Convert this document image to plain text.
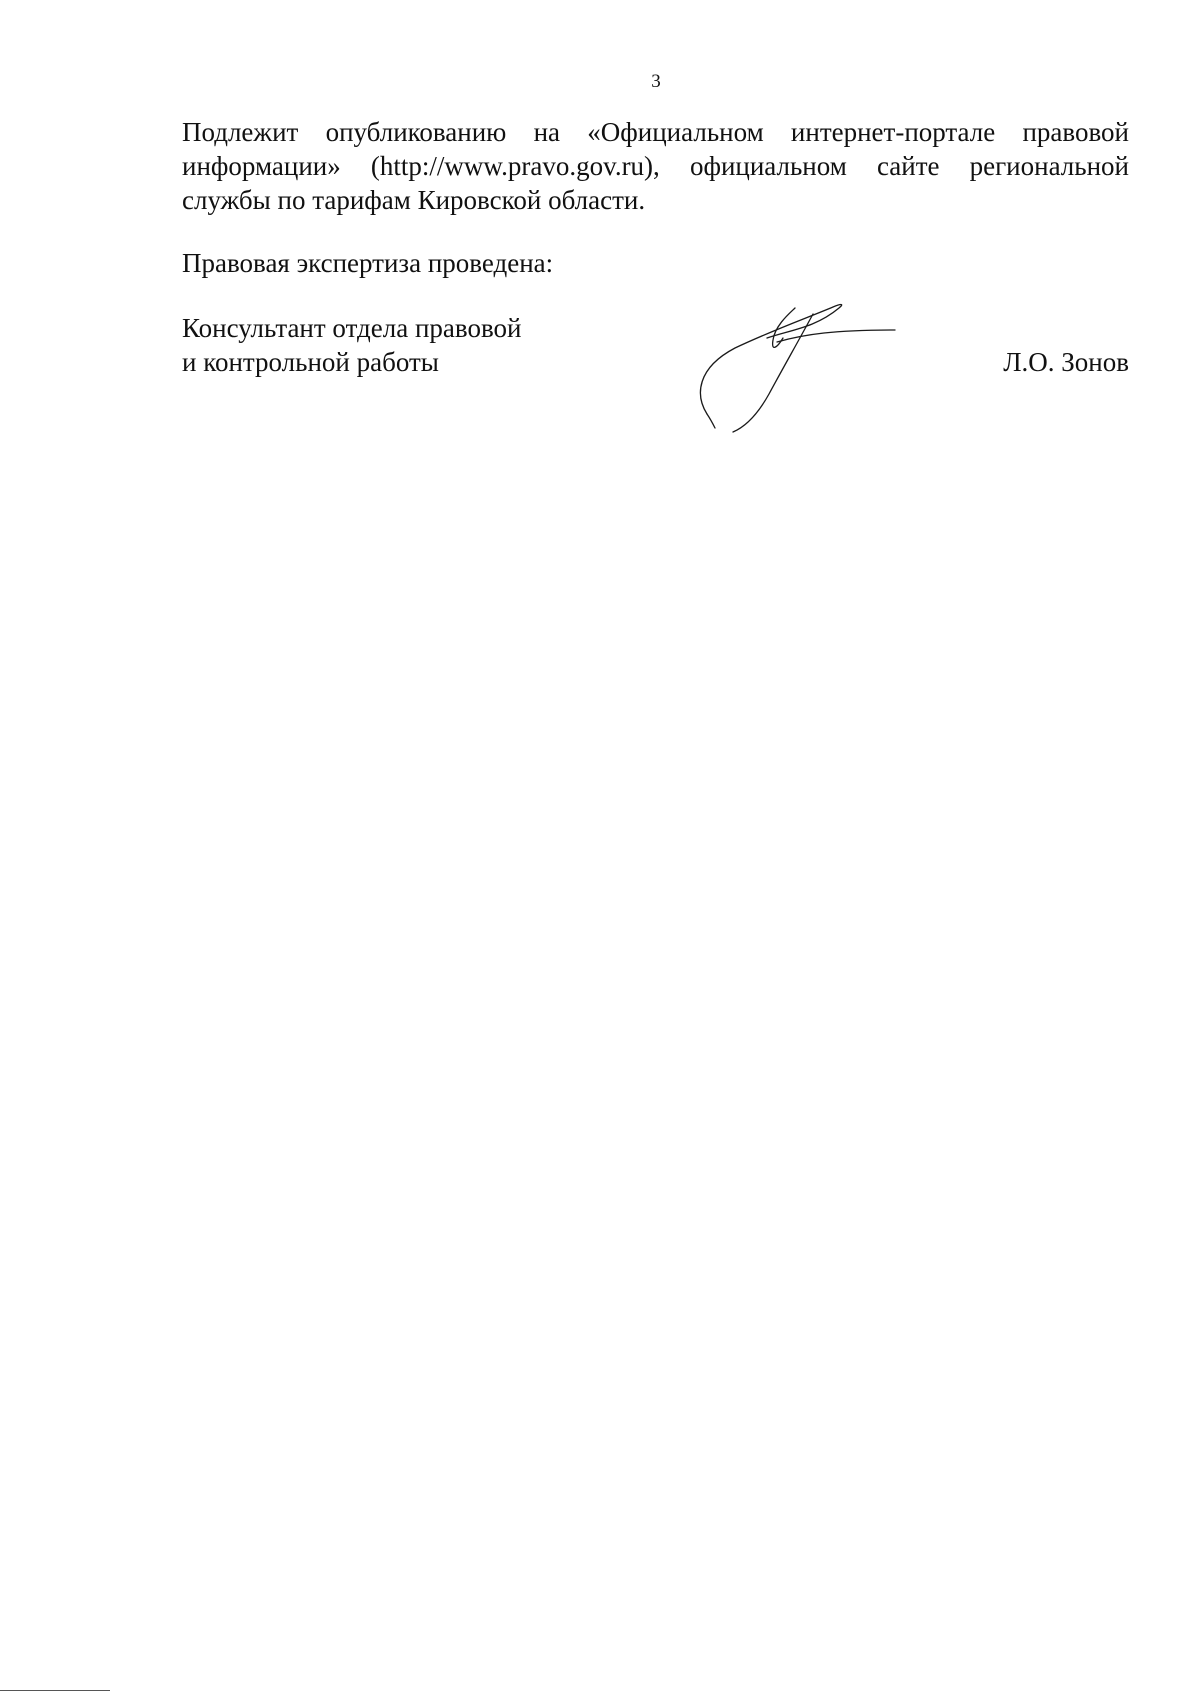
3
Подлежит опубликованию на «Официальном интернет-портале правовой информации» (http://www.pravo.gov.ru), официальном сайте региональной службы по тарифам Кировской области.
Правовая экспертиза проведена:
Консультант отдела правовой
и контрольной работы	Л.О. Зонов
